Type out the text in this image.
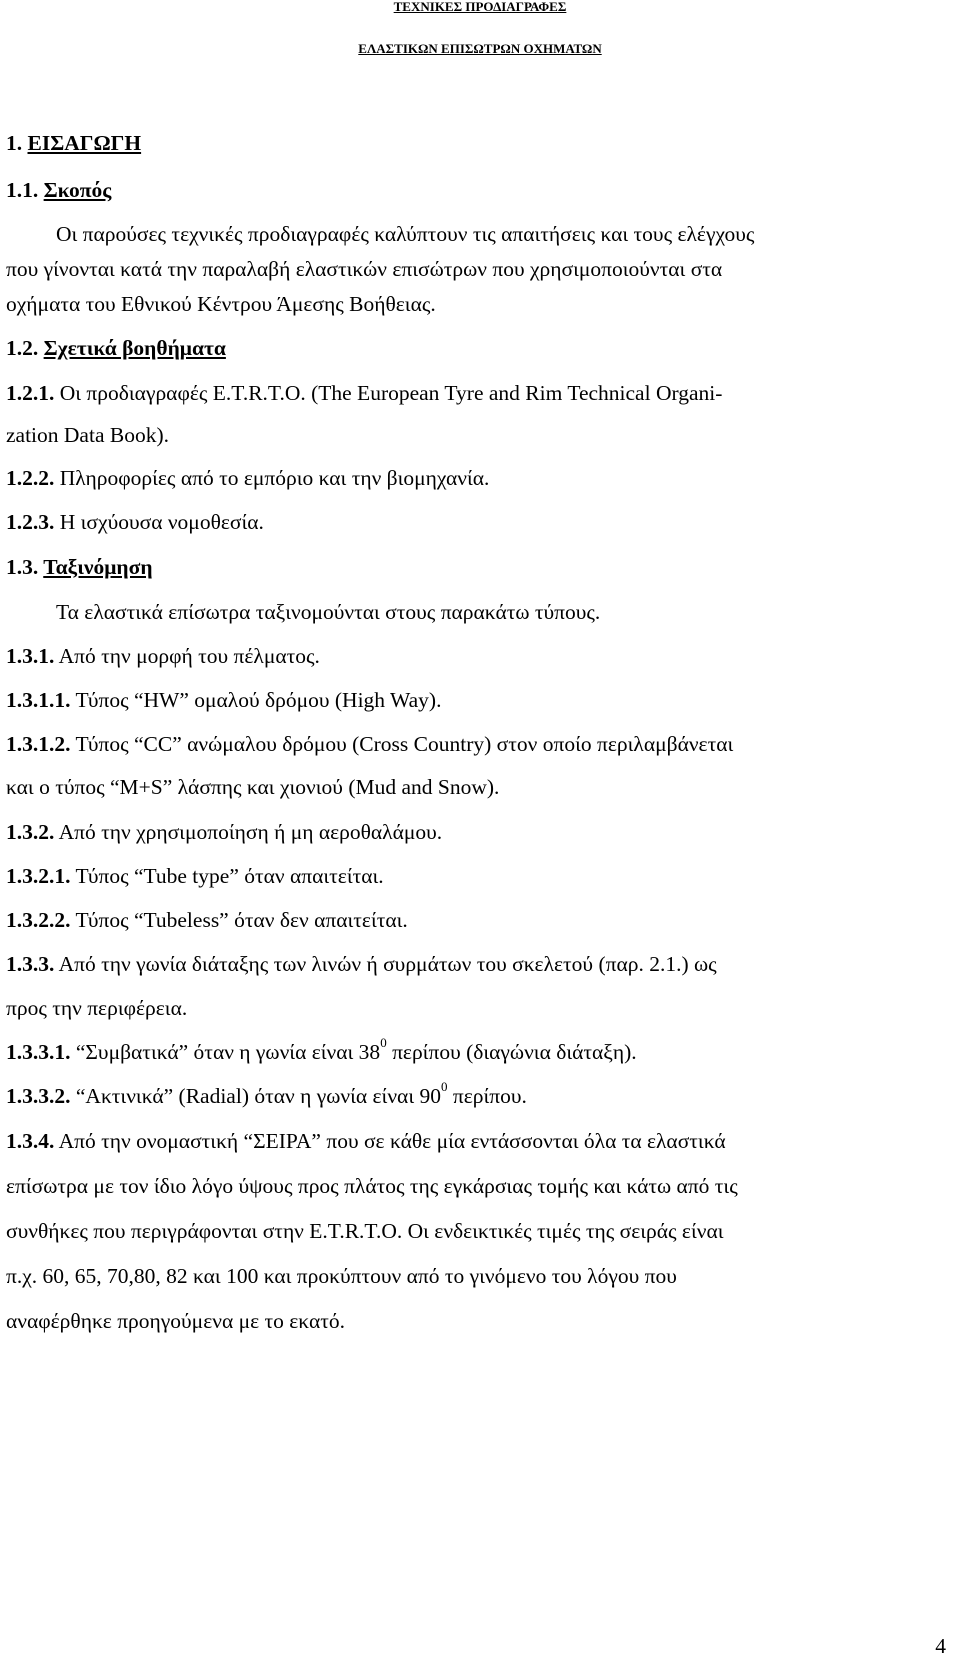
ΤΕΧΝΙΚΕΣ ΠΡΟΔΙΑΓΡΑΦΕΣ
ΕΛΑΣΤΙΚΩΝ ΕΠΙΣΩΤΡΩΝ ΟΧΗΜΑΤΩΝ
1. ΕΙΣΑΓΩΓΗ
1.1. Σκοπός
Οι παρούσες τεχνικές προδιαγραφές καλύπτουν τις απαιτήσεις και τους ελέγχους
που γίνονται κατά την παραλαβή ελαστικών επισώτρων που χρησιμοποιούνται στα
οχήματα του Εθνικού Κέντρου Άμεσης Βοήθειας.
1.2. Σχετικά βοηθήματα
1.2.1. Οι προδιαγραφές E.T.R.T.O. (The European Tyre and Rim Technical Organi-
zation Data Book).
1.2.2. Πληροφορίες από το εμπόριο και την βιομηχανία.
1.2.3. Η ισχύουσα νομοθεσία.
1.3. Ταξινόμηση
Τα ελαστικά επίσωτρα ταξινομούνται στους παρακάτω τύπους.
1.3.1. Από την μορφή του πέλματος.
1.3.1.1. Τύπος “HW” ομαλού δρόμου (High Way).
1.3.1.2. Τύπος “CC” ανώμαλου δρόμου (Cross Country) στον οποίο περιλαμβάνεται
και ο τύπος “M+S” λάσπης και χιονιού (Mud and Snow).
1.3.2. Από την χρησιμοποίηση ή μη αεροθαλάμου.
1.3.2.1. Τύπος “Tube type” όταν απαιτείται.
1.3.2.2. Τύπος “Tubeless” όταν δεν απαιτείται.
1.3.3. Από την γωνία διάταξης των λινών ή συρμάτων του σκελετού (παρ. 2.1.) ως
προς την περιφέρεια.
1.3.3.1. “Συμβατικά” όταν η γωνία είναι $38^0$ περίπου (διαγώνια διάταξη).
1.3.3.2. “Ακτινικά” (Radial) όταν η γωνία είναι $90^0$ περίπου.
1.3.4. Από την ονομαστική “ΣΕΙΡΑ” που σε κάθε μία εντάσσονται όλα τα ελαστικά
επίσωτρα με τον ίδιο λόγο ύψους προς πλάτος της εγκάρσιας τομής και κάτω από τις
συνθήκες που περιγράφονται στην E.T.R.T.O. Οι ενδεικτικές τιμές της σειράς είναι
π.χ. 60, 65, 70,80, 82 και 100 και προκύπτουν από το γινόμενο του λόγου που
αναφέρθηκε προηγούμενα με το εκατό.
4
